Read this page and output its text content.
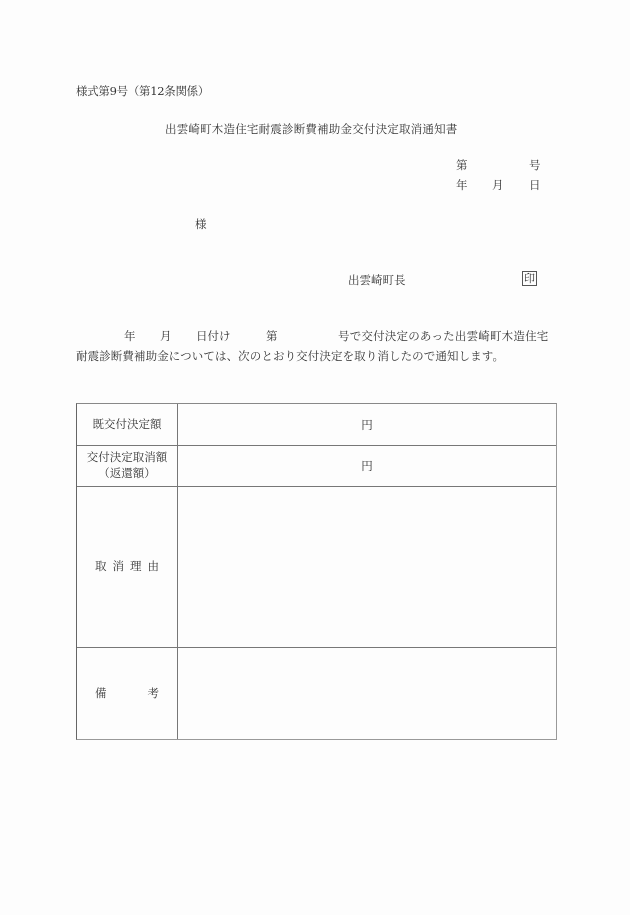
様式第9号（第12条関係）
出雲崎町木造住宅耐震診断費補助金交付決定取消通知書
第	号
年 月 日
様
出雲崎町長	印
年 月 日付け	第	号で交付決定のあった出雲崎町木造住宅
耐震診断費補助金については、次のとおり交付決定を取り消したので通知します。
既交付決定額	円
交付決定取消額
（返還額）	円
取消理由
備	考
